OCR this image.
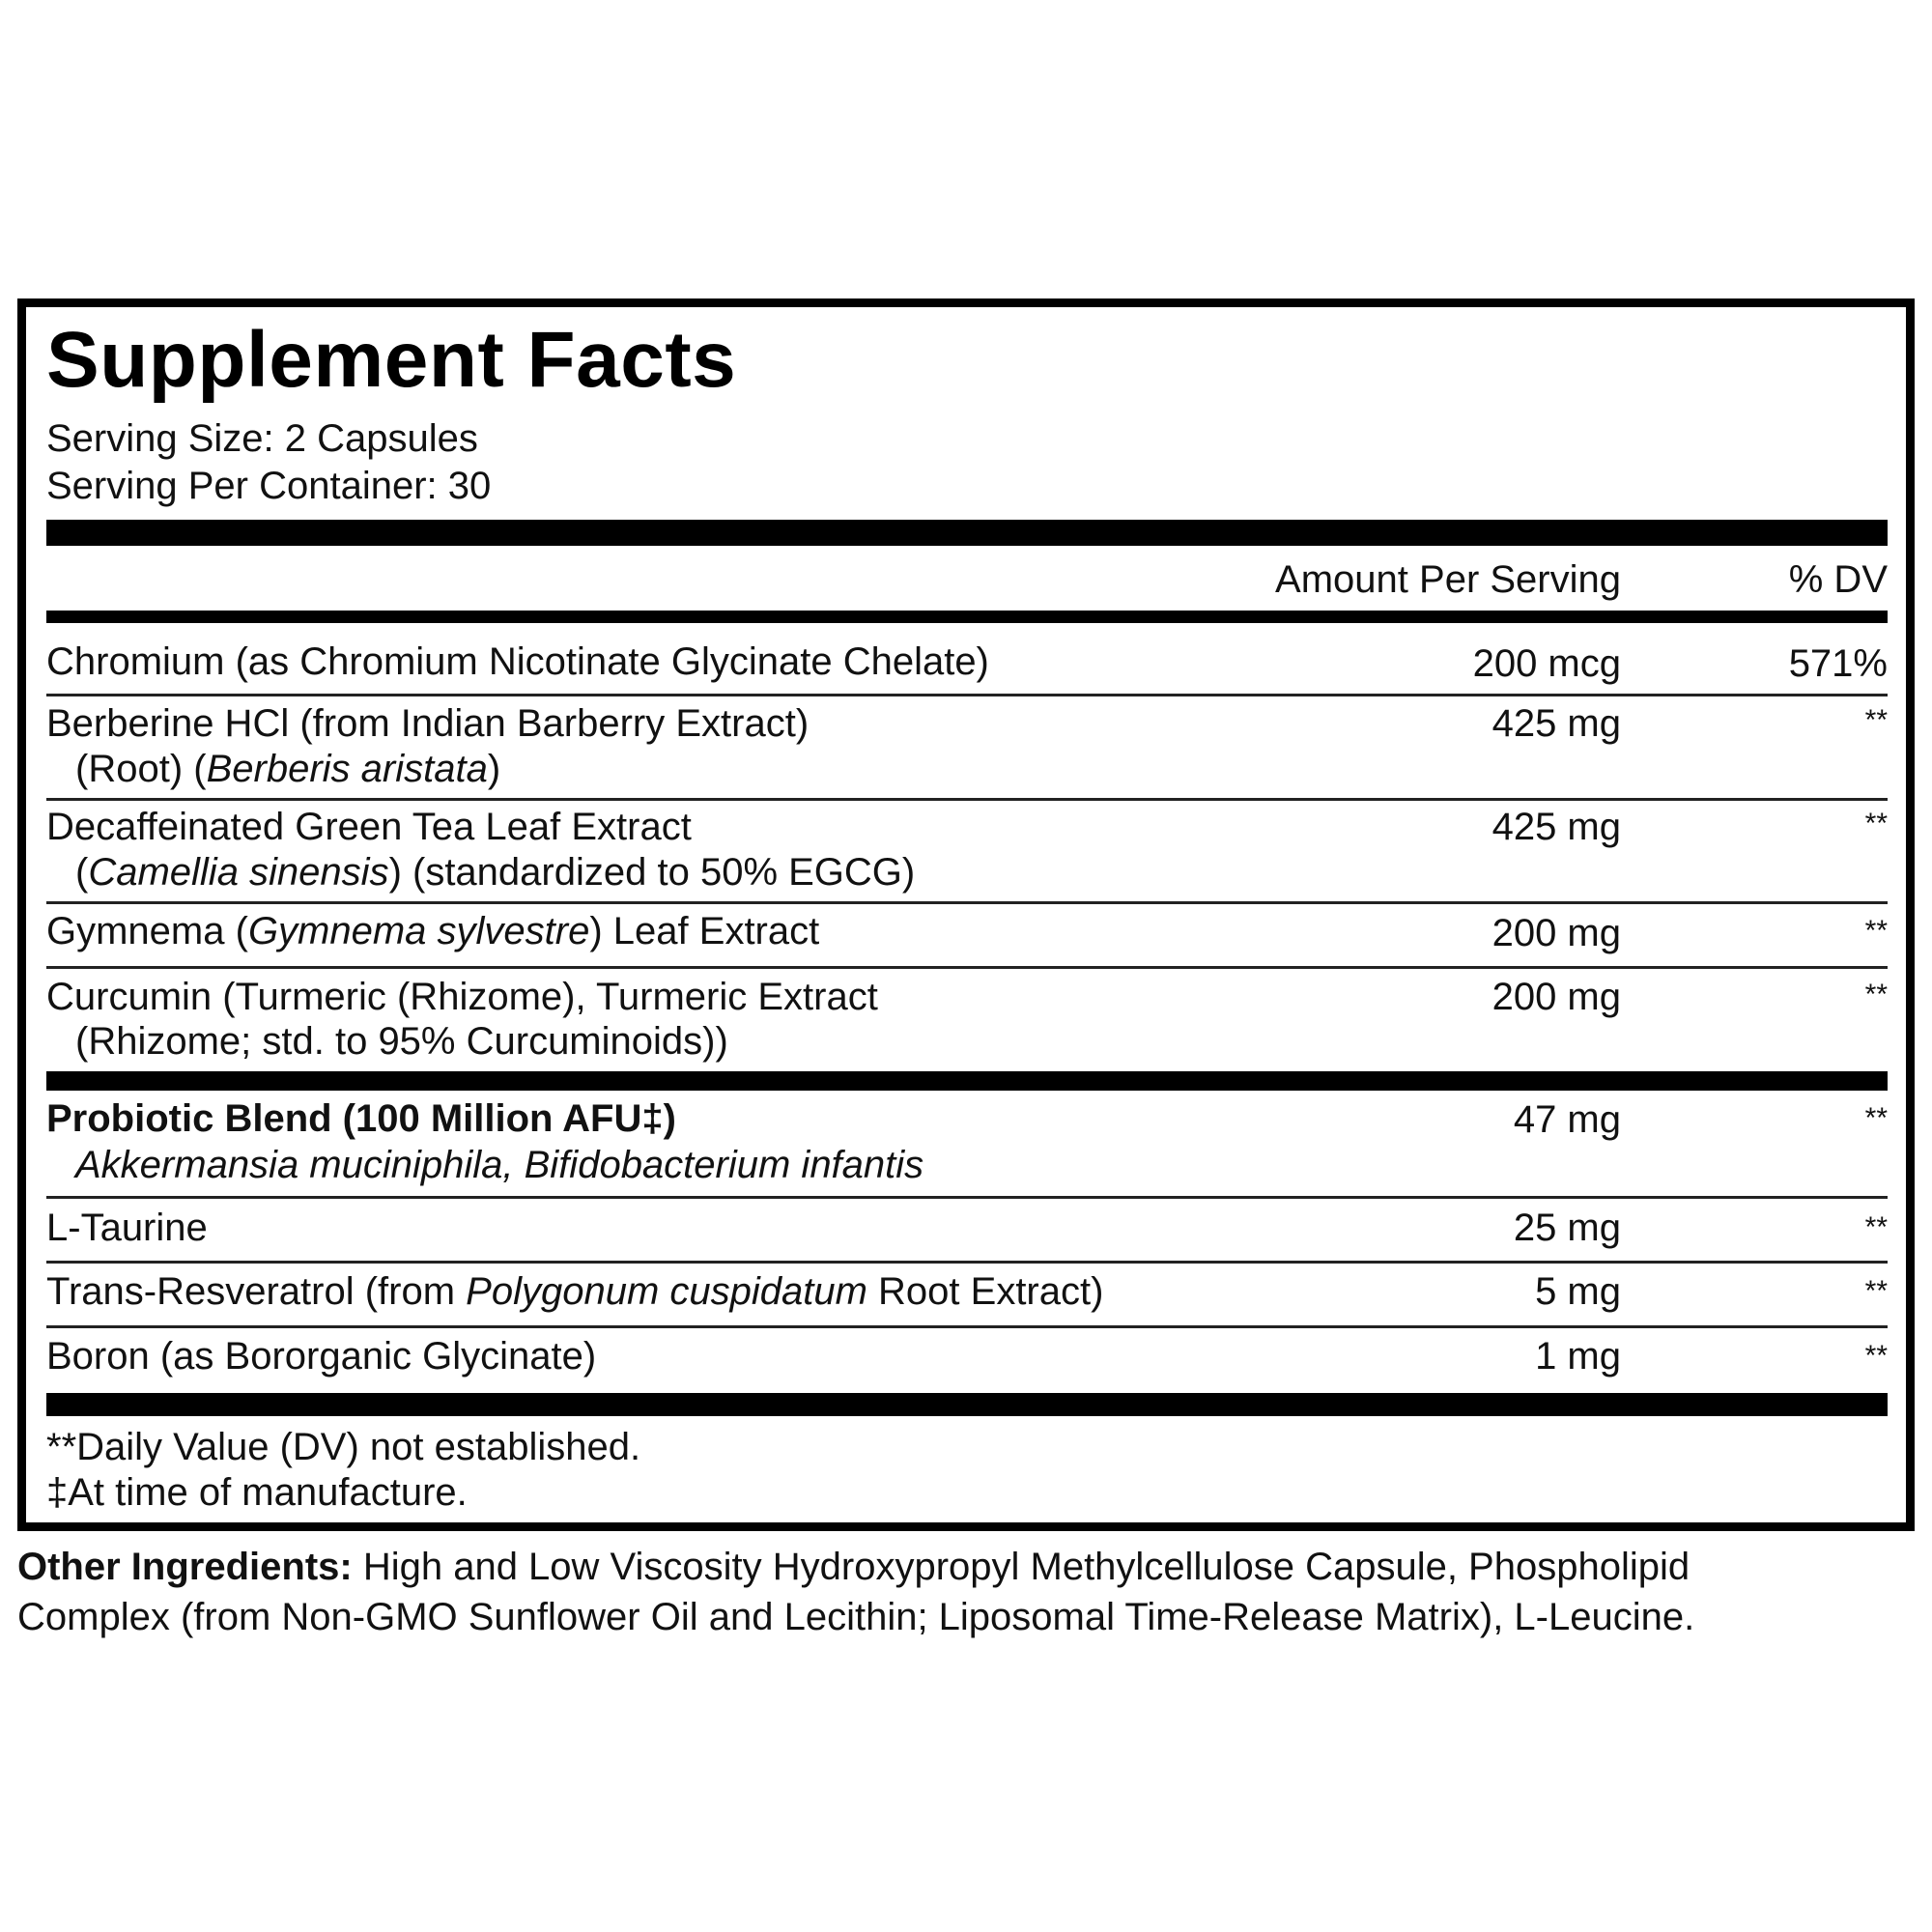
Supplement Facts
Serving Size: 2 Capsules
Serving Per Container: 30
Amount Per Serving	% DV
Chromium (as Chromium Nicotinate Glycinate Chelate)	200 mcg	571%
Berberine HCl (from Indian Barberry Extract)
(Root) (Berberis aristata)
425 mg	**
Decaffeinated Green Tea Leaf Extract
(Camellia sinensis) (standardized to 50% EGCG)
425 mg	**
Gymnema (Gymnema sylvestre) Leaf Extract	200 mg	**
Curcumin (Turmeric (Rhizome), Turmeric Extract
(Rhizome; std. to 95% Curcuminoids))
200 mg	**
Probiotic Blend (100 Million AFU‡)
Akkermansia muciniphila, Bifidobacterium infantis
47 mg	**
L-Taurine	25 mg	**
Trans-Resveratrol (from Polygonum cuspidatum Root Extract)	5 mg	**
Boron (as Bororganic Glycinate)	1 mg	**
**Daily Value (DV) not established.
‡At time of manufacture.
Other Ingredients: High and Low Viscosity Hydroxypropyl Methylcellulose Capsule, Phospholipid
Complex (from Non-GMO Sunflower Oil and Lecithin; Liposomal Time-Release Matrix), L-Leucine.
